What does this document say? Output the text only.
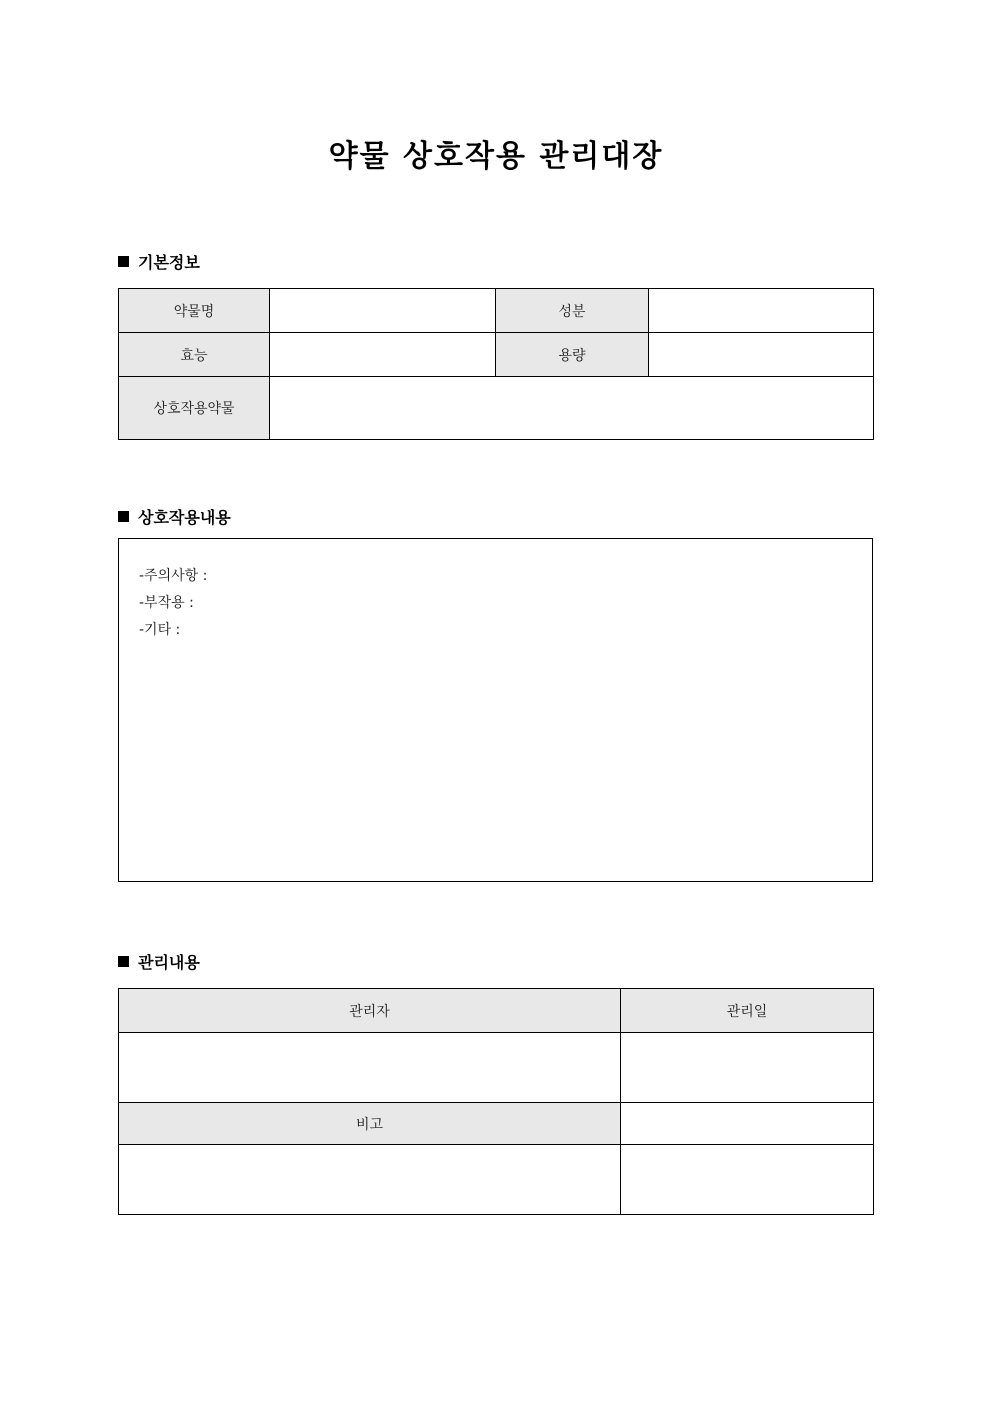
약물 상호작용 관리대장
기본정보
약물명		성분	
효능		용량	
상호작용약물			
상호작용내용
-주의사항 :
-부작용 :
-기타 :
관리내용
관리자	관리일

비고	
